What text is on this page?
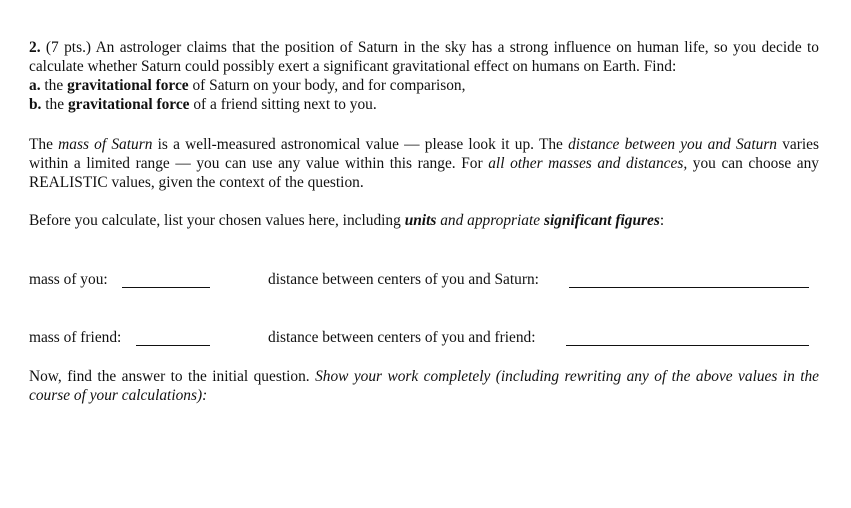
2. (7 pts.) An astrologer claims that the position of Saturn in the sky has a strong influence on human life, so you decide to calculate whether Saturn could possibly exert a significant gravitational effect on humans on Earth. Find:

a. the gravitational force of Saturn on your body, and for comparison,

b. the gravitational force of a friend sitting next to you.

The mass of Saturn is a well-measured astronomical value — please look it up. The distance between you and Saturn varies within a limited range — you can use any value within this range. For all other masses and distances, you can choose any REALISTIC values, given the context of the question.

Before you calculate, list your chosen values here, including units and appropriate significant figures:

mass of you:	distance between centers of you and Saturn:
mass of friend:	distance between centers of you and friend:

Now, find the answer to the initial question. Show your work completely (including rewriting any of the above values in the course of your calculations):
